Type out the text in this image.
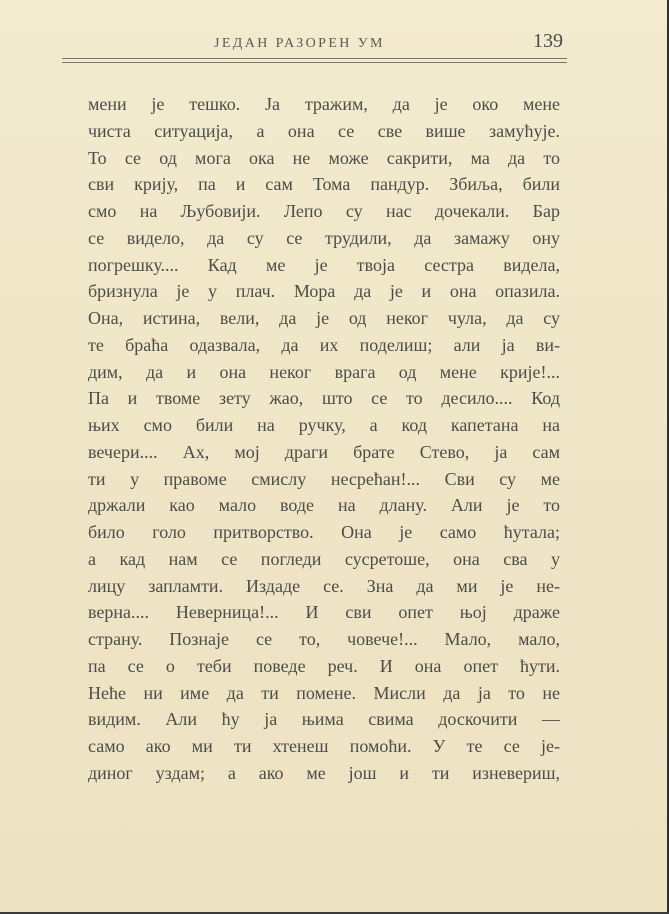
ЈЕДАН РАЗОРЕН УМ	139
мени је тешко. Ја тражим, да је око мене
чиста ситуација, а она се све више замућује.
То се од мога ока не може сакрити, ма да то
сви крију, па и сам Тома пандур. Збиља, били
смо на Љубовији. Лепо су нас дочекали. Бар
се видело, да су се трудили, да замажу ону
погрешку.... Кад ме је твоја сестра видела,
бризнула је у плач. Мора да је и она опазила.
Она, истина, вели, да је од неког чула, да су
те браћа одазвала, да их поделиш; али ја ви-
дим, да и она неког врага од мене крије!...
Па и твоме зету жао, што се то десило.... Код
њих смо били на ручку, а код капетана на
вечери.... Ах, мој драги брате Стево, ја сам
ти у правоме смислу несрећан!... Сви су ме
држали као мало воде на длану. Али је то
било голо притворство. Она је само ћутала;
а кад нам се погледи сусретоше, она сва у
лицу запламти. Издаде се. Зна да ми је не-
верна.... Неверница!... И сви опет њој драже
страну. Познаје се то, човече!... Мало, мало,
па се о теби поведе реч. И она опет ћути.
Неће ни име да ти помене. Мисли да ја то не
видим. Али ћу ја њима свима доскочити —
само ако ми ти хтенеш помоћи. У те се је-
диног уздам; а ако ме још и ти изневериш,
